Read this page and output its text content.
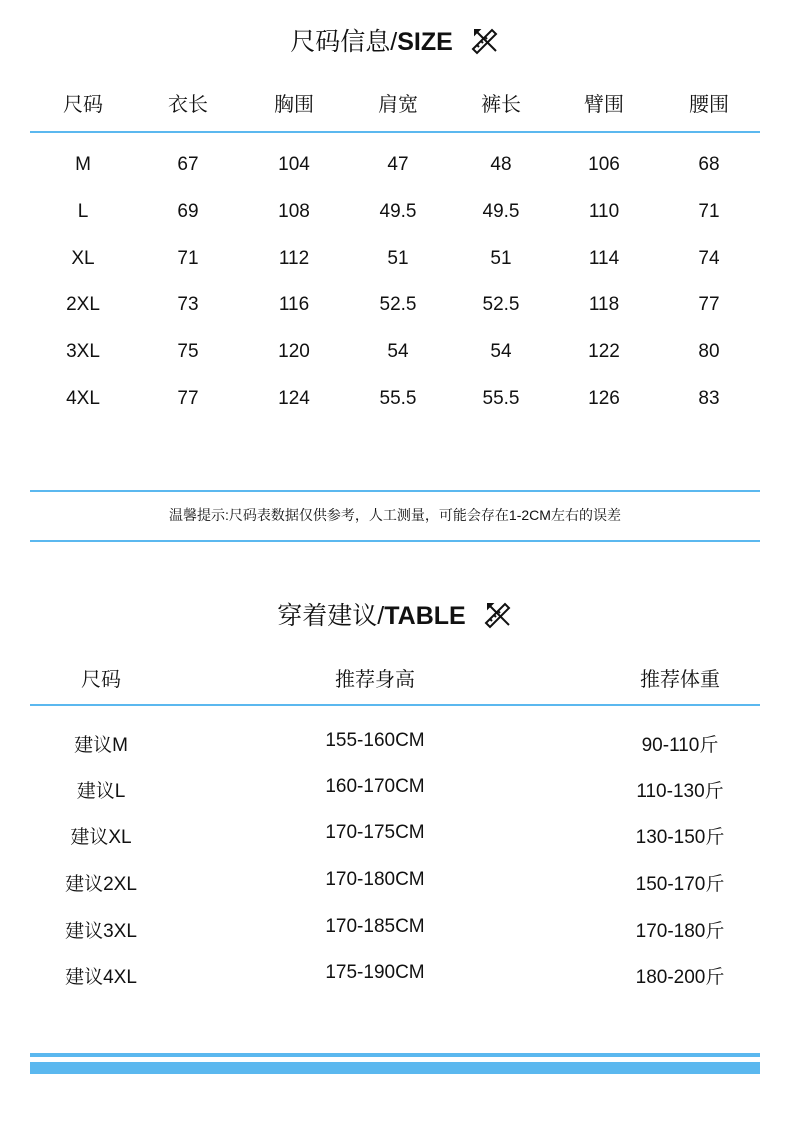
尺码信息/SIZE
尺码	衣长	胸围	肩宽	裤长	臂围	腰围
M	67	104	47	48	106	68
L	69	108	49.5	49.5	110	71
XL	71	112	51	51	114	74
2XL	73	116	52.5	52.5	118	77
3XL	75	120	54	54	122	80
4XL	77	124	55.5	55.5	126	83
温馨提示:尺码表数据仅供参考，人工测量，可能会存在1-2CM左右的误差
穿着建议/TABLE
尺码	推荐身高	推荐体重
建议M	155-160CM	90-110斤
建议L	160-170CM	110-130斤
建议XL	170-175CM	130-150斤
建议2XL	170-180CM	150-170斤
建议3XL	170-185CM	170-180斤
建议4XL	175-190CM	180-200斤
